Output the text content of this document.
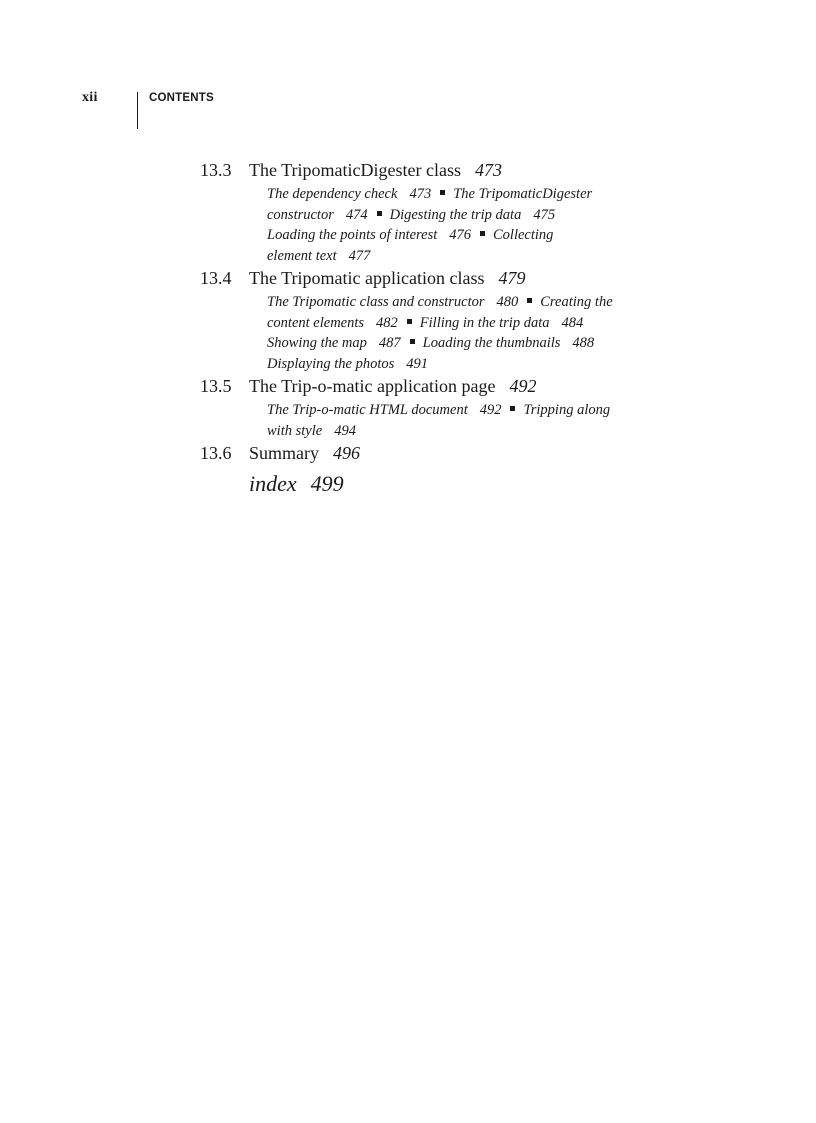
xii	CONTENTS
13.3 The TripomaticDigester class 473
The dependency check 473 The TripomaticDigester
constructor 474 Digesting the trip data 475
Loading the points of interest 476 Collecting
element text 477
13.4 The Tripomatic application class 479
The Tripomatic class and constructor 480 Creating the
content elements 482 Filling in the trip data 484
Showing the map 487 Loading the thumbnails 488
Displaying the photos 491
13.5 The Trip-o-matic application page 492
The Trip-o-matic HTML document 492 Tripping along
with style 494
13.6 Summary 496
index 499
